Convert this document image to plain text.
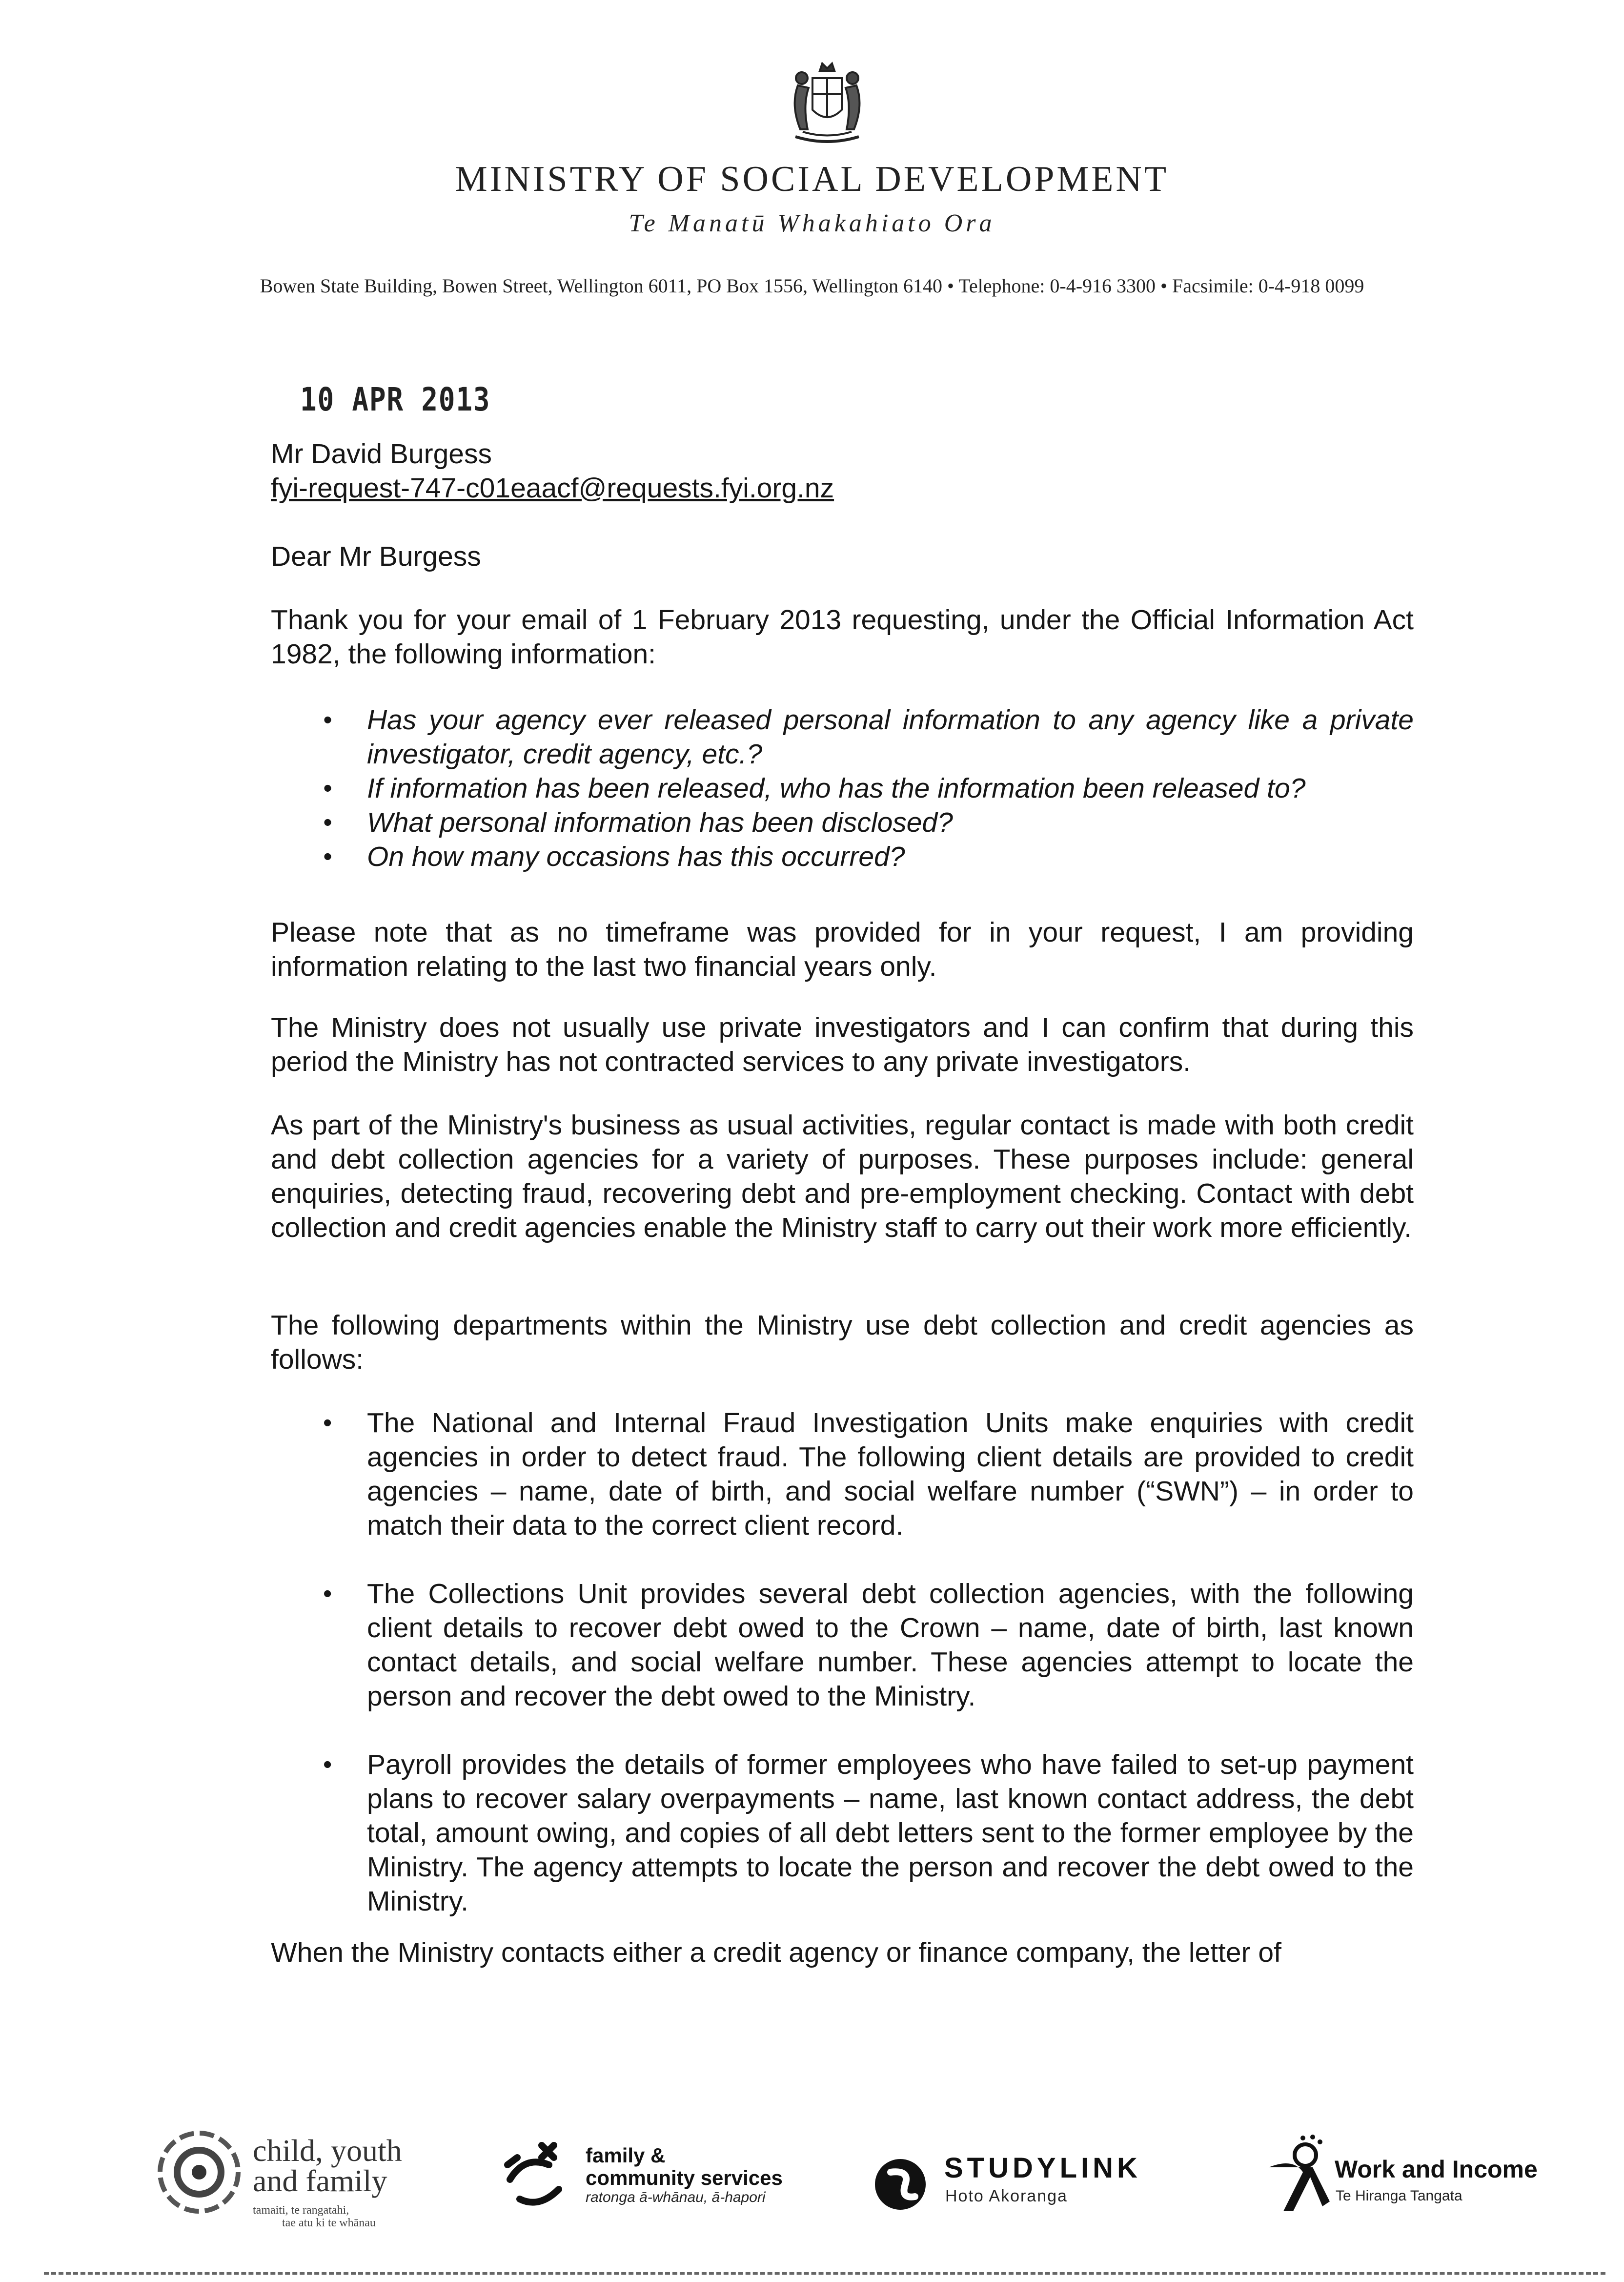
MINISTRY OF SOCIAL DEVELOPMENT
Te Manatū Whakahiato Ora
Bowen State Building, Bowen Street, Wellington 6011, PO Box 1556, Wellington 6140 • Telephone: 0-4-916 3300 • Facsimile: 0-4-918 0099
10 APR 2013
Mr David Burgess
fyi-request-747-c01eaacf@requests.fyi.org.nz
Dear Mr Burgess

Thank you for your email of 1 February 2013 requesting, under the Official Information Act 1982, the following information:

• Has your agency ever released personal information to any agency like a private investigator, credit agency, etc.?
• If information has been released, who has the information been released to?
• What personal information has been disclosed?
• On how many occasions has this occurred?

Please note that as no timeframe was provided for in your request, I am providing information relating to the last two financial years only.

The Ministry does not usually use private investigators and I can confirm that during this period the Ministry has not contracted services to any private investigators.

As part of the Ministry's business as usual activities, regular contact is made with both credit and debt collection agencies for a variety of purposes. These purposes include: general enquiries, detecting fraud, recovering debt and pre-employment checking. Contact with debt collection and credit agencies enable the Ministry staff to carry out their work more efficiently.

The following departments within the Ministry use debt collection and credit agencies as follows:

• The National and Internal Fraud Investigation Units make enquiries with credit agencies in order to detect fraud. The following client details are provided to credit agencies – name, date of birth, and social welfare number (“SWN”) – in order to match their data to the correct client record.
• The Collections Unit provides several debt collection agencies, with the following client details to recover debt owed to the Crown – name, date of birth, last known contact details, and social welfare number. These agencies attempt to locate the person and recover the debt owed to the Ministry.
• Payroll provides the details of former employees who have failed to set-up payment plans to recover salary overpayments – name, last known contact address, the debt total, amount owing, and copies of all debt letters sent to the former employee by the Ministry. The agency attempts to locate the person and recover the debt owed to the Ministry.

When the Ministry contacts either a credit agency or finance company, the letter of

child, youth
and family
tamaiti, te rangatahi,
tae atu ki te whānau
family &
community services
ratonga ā-whānau, ā-hapori
STUDYLINK
Hoto Akoranga
Work and Income
Te Hiranga Tangata
